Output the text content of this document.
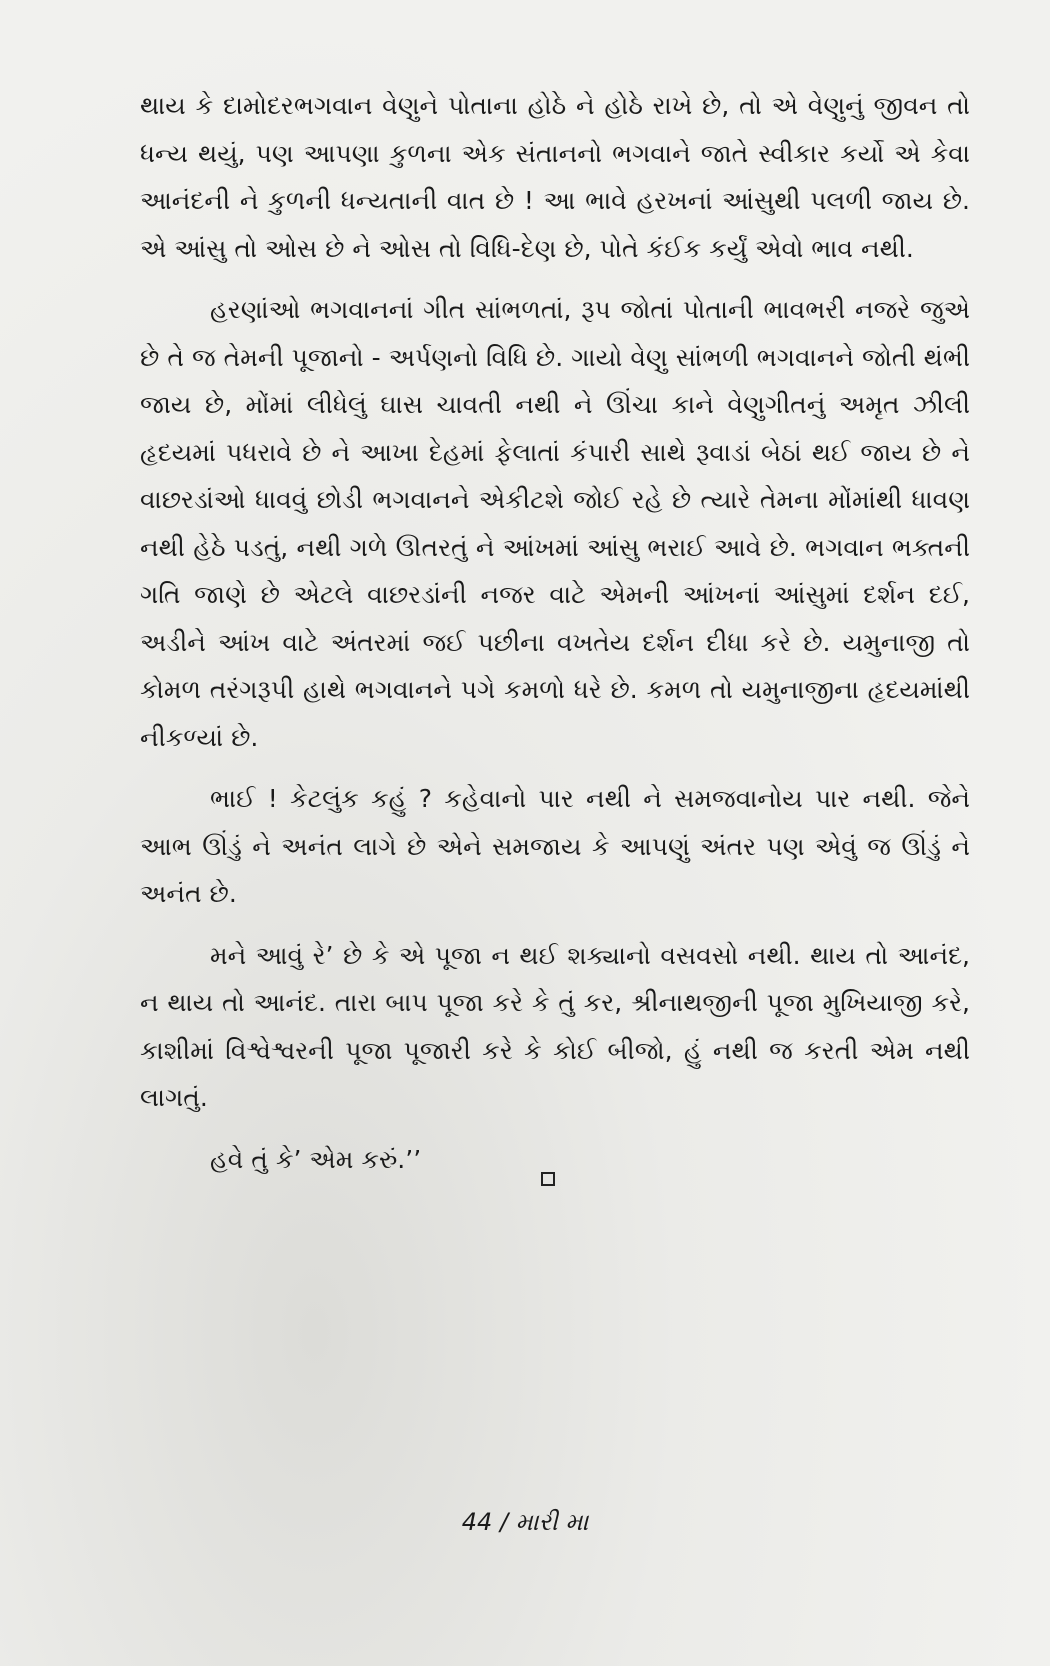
થાય કે દામોદરભગવાન વેણુને પોતાના હોઠે ને હોઠે રાખે છે, તો એ વેણુનું જીવન તો ધન્ય થયું, પણ આપણા કુળના એક સંતાનનો ભગવાને જાતે સ્વીકાર કર્યો એ કેવા આનંદની ને કુળની ધન્યતાની વાત છે ! આ ભાવે હરખનાં આંસુથી પલળી જાય છે. એ આંસુ તો ઓસ છે ને ઓસ તો વિધિ-દેણ છે, પોતે કંઈક કર્યું એવો ભાવ નથી.

હરણાંઓ ભગવાનનાં ગીત સાંભળતાં, રૂપ જોતાં પોતાની ભાવભરી નજરે જુએ છે તે જ તેમની પૂજાનો - અર્પણનો વિધિ છે. ગાયો વેણુ સાંભળી ભગવાનને જોતી થંભી જાય છે, મોંમાં લીધેલું ઘાસ ચાવતી નથી ને ઊંચા કાને વેણુગીતનું અમૃત ઝીલી હૃદયમાં પધરાવે છે ને આખા દેહમાં ફેલાતાં કંપારી સાથે રૂવાડાં બેઠાં થઈ જાય છે ને વાછરડાંઓ ધાવવું છોડી ભગવાનને એકીટશે જોઈ રહે છે ત્યારે તેમના મોંમાંથી ધાવણ નથી હેઠે પડતું, નથી ગળે ઊતરતું ને આંખમાં આંસુ ભરાઈ આવે છે. ભગવાન ભક્તની ગતિ જાણે છે એટલે વાછરડાંની નજર વાટે એમની આંખનાં આંસુમાં દર્શન દઈ, અડીને આંખ વાટે અંતરમાં જઈ પછીના વખતેય દર્શન દીધા કરે છે. યમુનાજી તો કોમળ તરંગરૂપી હાથે ભગવાનને પગે કમળો ધરે છે. કમળ તો યમુનાજીના હૃદયમાંથી નીકળ્યાં છે.

ભાઈ ! કેટલુંક કહું ? કહેવાનો પાર નથી ને સમજવાનોય પાર નથી. જેને આભ ઊંડું ને અનંત લાગે છે એને સમજાય કે આપણું અંતર પણ એવું જ ઊંડું ને અનંત છે.

મને આવું રે’ છે કે એ પૂજા ન થઈ શક્યાનો વસવસો નથી. થાય તો આનંદ, ન થાય તો આનંદ. તારા બાપ પૂજા કરે કે તું કર, શ્રીનાથજીની પૂજા મુખિયાજી કરે, કાશીમાં વિશ્વેશ્વરની પૂજા પૂજારી કરે કે કોઈ બીજો, હું નથી જ કરતી એમ નથી લાગતું.

હવે તું કે’ એમ કરું.’’

44 / મારી મા
